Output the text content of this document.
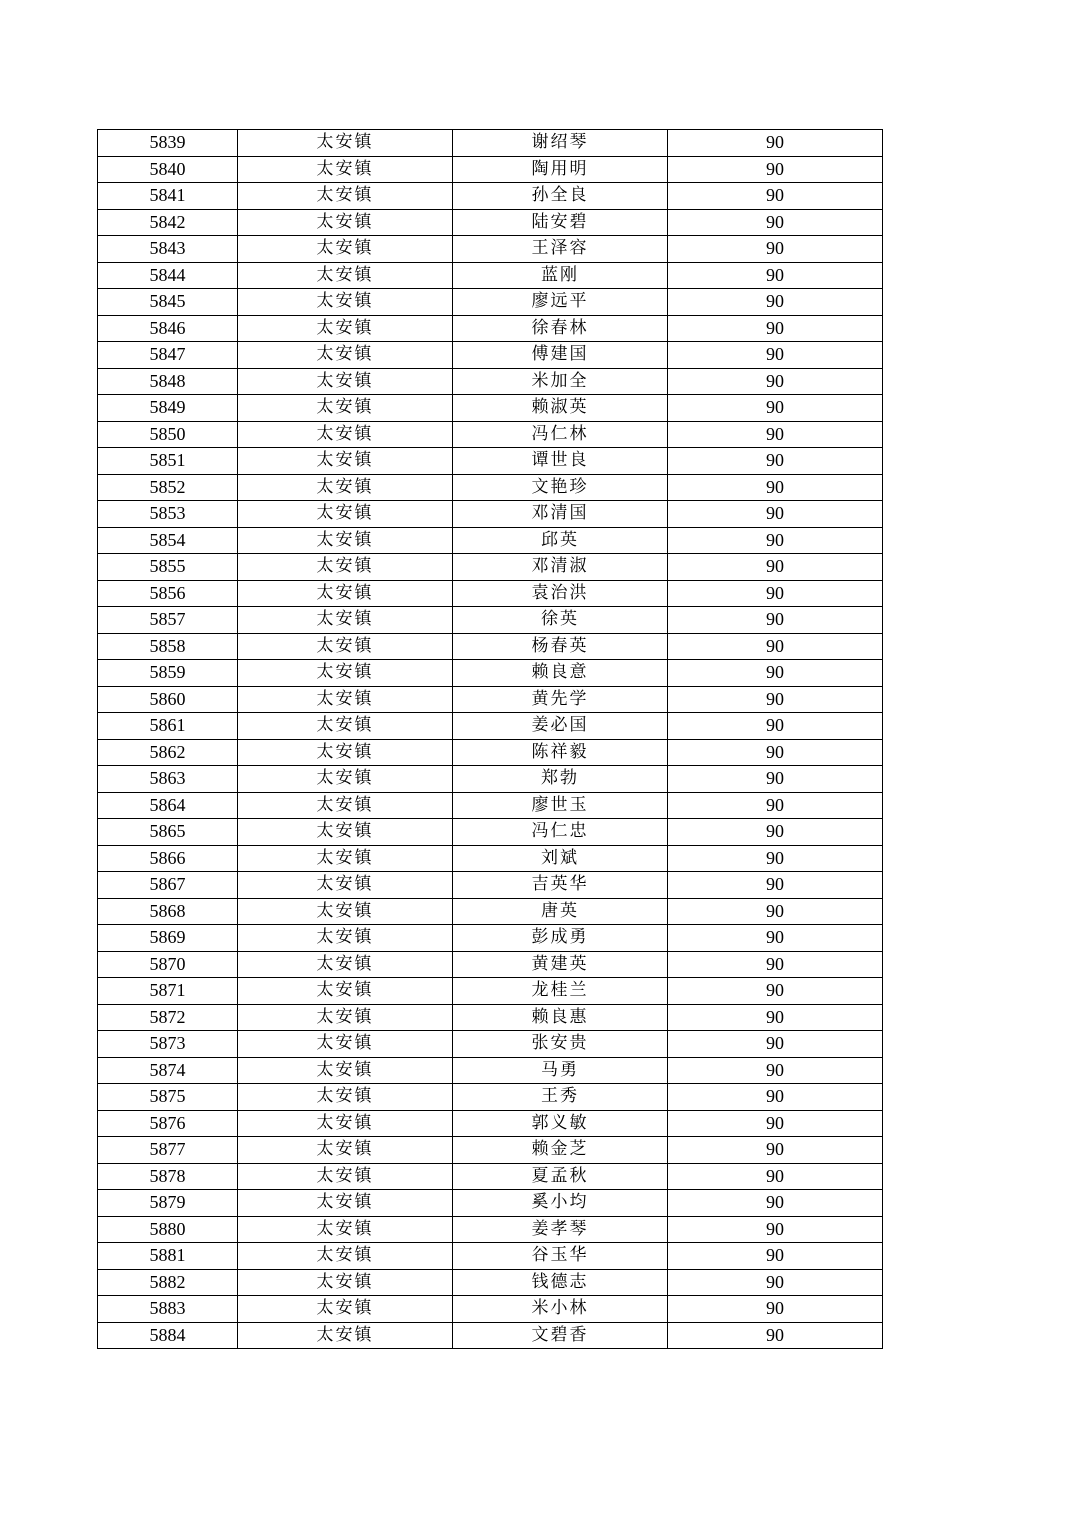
5839	太安镇	谢绍琴	90
5840	太安镇	陶用明	90
5841	太安镇	孙全良	90
5842	太安镇	陆安碧	90
5843	太安镇	王泽容	90
5844	太安镇	蓝刚	90
5845	太安镇	廖远平	90
5846	太安镇	徐春林	90
5847	太安镇	傅建国	90
5848	太安镇	米加全	90
5849	太安镇	赖淑英	90
5850	太安镇	冯仁林	90
5851	太安镇	谭世良	90
5852	太安镇	文艳珍	90
5853	太安镇	邓清国	90
5854	太安镇	邱英	90
5855	太安镇	邓清淑	90
5856	太安镇	袁治洪	90
5857	太安镇	徐英	90
5858	太安镇	杨春英	90
5859	太安镇	赖良意	90
5860	太安镇	黄先学	90
5861	太安镇	姜必国	90
5862	太安镇	陈祥毅	90
5863	太安镇	郑勃	90
5864	太安镇	廖世玉	90
5865	太安镇	冯仁忠	90
5866	太安镇	刘斌	90
5867	太安镇	吉英华	90
5868	太安镇	唐英	90
5869	太安镇	彭成勇	90
5870	太安镇	黄建英	90
5871	太安镇	龙桂兰	90
5872	太安镇	赖良惠	90
5873	太安镇	张安贵	90
5874	太安镇	马勇	90
5875	太安镇	王秀	90
5876	太安镇	郭义敏	90
5877	太安镇	赖金芝	90
5878	太安镇	夏孟秋	90
5879	太安镇	奚小均	90
5880	太安镇	姜孝琴	90
5881	太安镇	谷玉华	90
5882	太安镇	钱德志	90
5883	太安镇	米小林	90
5884	太安镇	文碧香	90
